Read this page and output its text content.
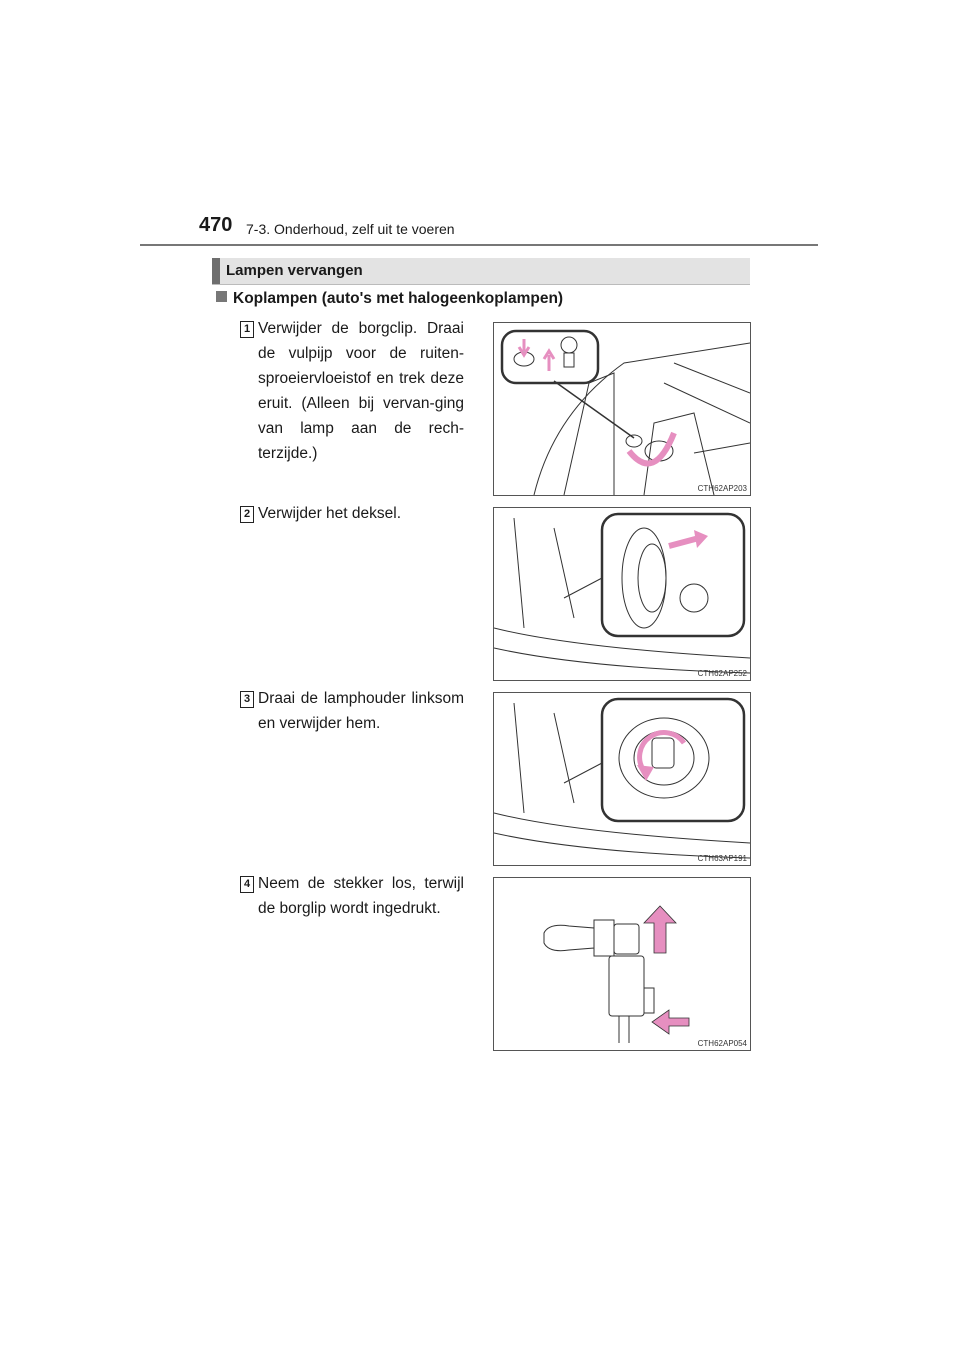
470 7-3. Onderhoud, zelf uit te voeren
Lampen vervangen
Koplampen (auto's met halogeenkoplampen)
1 Verwijder de borgclip. Draai de vulpijp voor de ruiten-sproeiervloeistof en trek deze eruit. (Alleen bij vervan-ging van lamp aan de rech-terzijde.)
CTH62AP203
2 Verwijder het deksel.
CTH62AP252
3 Draai de lamphouder linksom en verwijder hem.
CTH63AP191
4 Neem de stekker los, terwijl de borglip wordt ingedrukt.
CTH62AP054
